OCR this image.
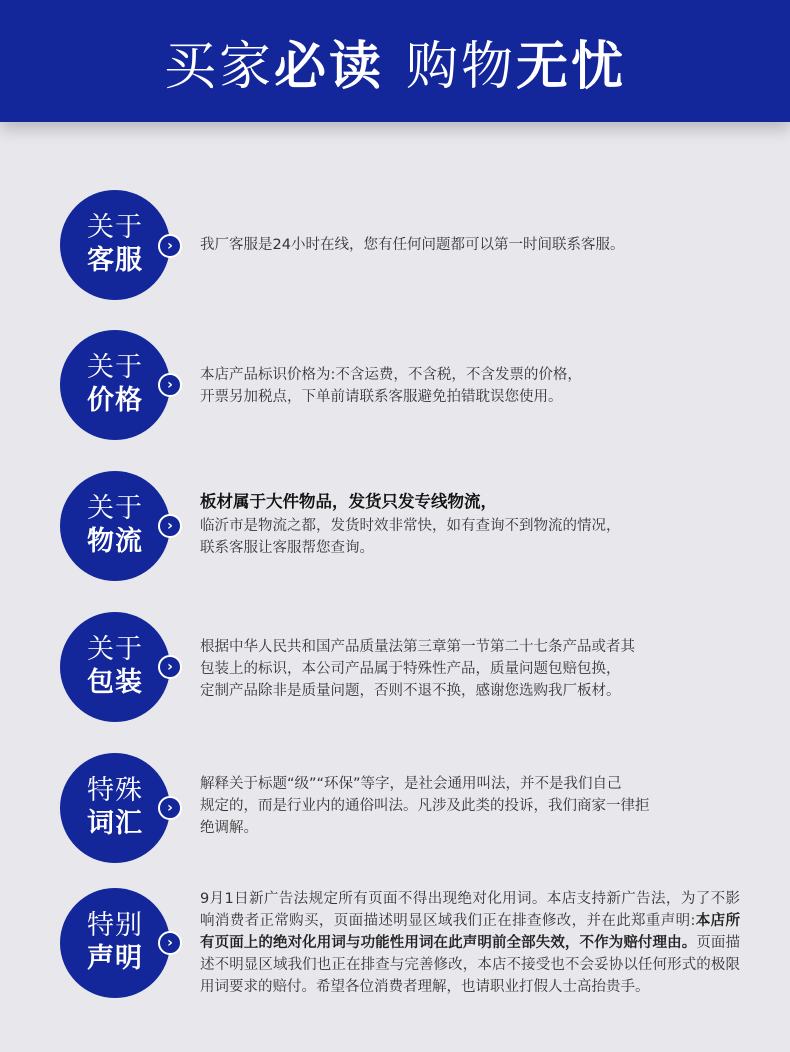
买家 必读 购物 无忧
关于
客服	›	我厂客服是24小时在线，您有任何问题都可以第一时间联系客服。

关于
价格	›

本店产品标识价格为:不含运费，不含税，不含发票的价格，

开票另加税点，下单前请联系客服避免拍错耽误您使用。

关于
物流	›

板材属于大件物品，发货只发专线物流，

临沂市是物流之都，发货时效非常快，如有查询不到物流的情况，

联系客服让客服帮您查询。

关于
包装	›

根据中华人民共和国产品质量法第三章第一节第二十七条产品或者其

包装上的标识，本公司产品属于特殊性产品，质量问题包赔包换，

定制产品除非是质量问题，否则不退不换，感谢您选购我厂板材。

特殊
词汇	›

解释关于标题“级”“环保”等字，是社会通用叫法，并不是我们自己

规定的，而是行业内的通俗叫法。凡涉及此类的投诉，我们商家一律拒

绝调解。

特别
声明	›

9月1日新广告法规定所有页面不得出现绝对化用词。本店支持新广告法，为了不影响消费者正常购买，页面描述明显区域我们正在排查修改，并在此郑重声明:本店所有页面上的绝对化用词与功能性用词在此声明前全部失效，不作为赔付理由。页面描述不明显区域我们也正在排查与完善修改，本店不接受也不会妥协以任何形式的极限用词要求的赔付。希望各位消费者理解，也请职业打假人士高抬贵手。
